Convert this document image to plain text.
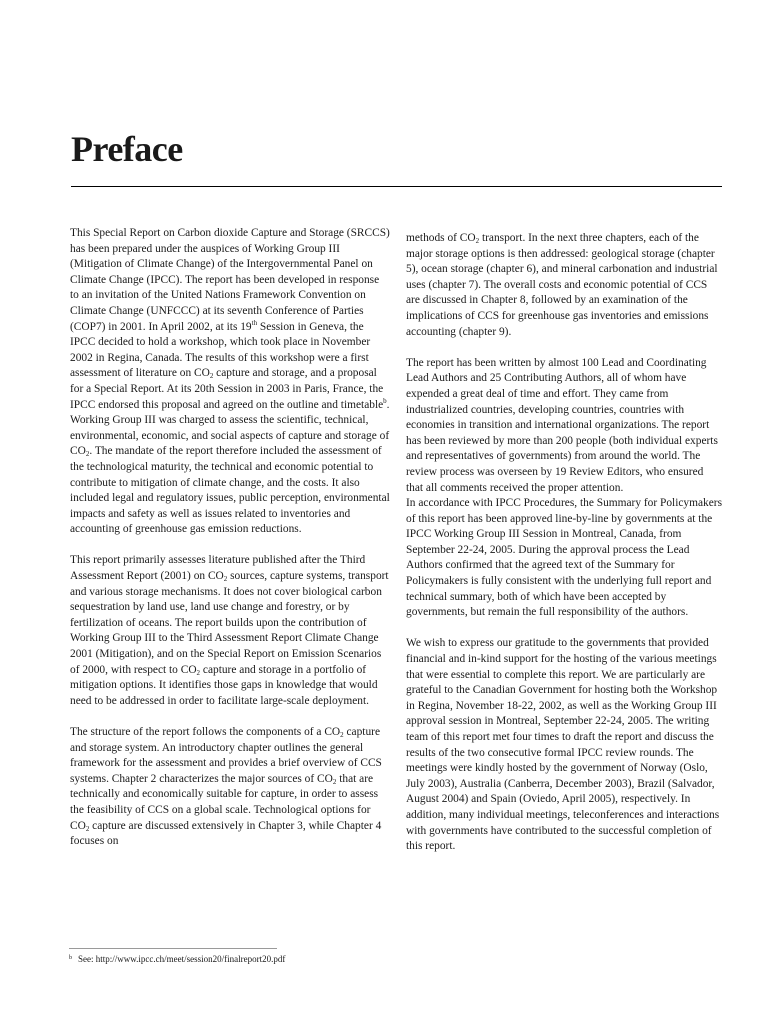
Preface

This Special Report on Carbon dioxide Capture and Storage (SRCCS) has been prepared under the auspices of Working Group III (Mitigation of Climate Change) of the Intergovernmental Panel on Climate Change (IPCC). The report has been developed in response to an invitation of the United Nations Framework Convention on Climate Change (UNFCCC) at its seventh Conference of Parties (COP7) in 2001. In April 2002, at its 19th Session in Geneva, the IPCC decided to hold a workshop, which took place in November 2002 in Regina, Canada. The results of this workshop were a first assessment of literature on $CO_2$ capture and storage, and a proposal for a Special Report. At its 20th Session in 2003 in Paris, France, the IPCC endorsed this proposal and agreed on the outline and timetable$^b$. Working Group III was charged to assess the scientific, technical, environmental, economic, and social aspects of capture and storage of $CO_2$. The mandate of the report therefore included the assessment of the technological maturity, the technical and economic potential to contribute to mitigation of climate change, and the costs. It also included legal and regulatory issues, public perception, environmental impacts and safety as well as issues related to inventories and accounting of greenhouse gas emission reductions.

This report primarily assesses literature published after the Third Assessment Report (2001) on $CO_2$ sources, capture systems, transport and various storage mechanisms. It does not cover biological carbon sequestration by land use, land use change and forestry, or by fertilization of oceans. The report builds upon the contribution of Working Group III to the Third Assessment Report Climate Change 2001 (Mitigation), and on the Special Report on Emission Scenarios of 2000, with respect to $CO_2$ capture and storage in a portfolio of mitigation options. It identifies those gaps in knowledge that would need to be addressed in order to facilitate large-scale deployment.

The structure of the report follows the components of a $CO_2$ capture and storage system. An introductory chapter outlines the general framework for the assessment and provides a brief overview of CCS systems. Chapter 2 characterizes the major sources of $CO_2$ that are technically and economically suitable for capture, in order to assess the feasibility of CCS on a global scale. Technological options for $CO_2$ capture are discussed extensively in Chapter 3, while Chapter 4 focuses on

methods of $CO_2$ transport. In the next three chapters, each of the major storage options is then addressed: geological storage (chapter 5), ocean storage (chapter 6), and mineral carbonation and industrial uses (chapter 7). The overall costs and economic potential of CCS are discussed in Chapter 8, followed by an examination of the implications of CCS for greenhouse gas inventories and emissions accounting (chapter 9).

The report has been written by almost 100 Lead and Coordinating Lead Authors and 25 Contributing Authors, all of whom have expended a great deal of time and effort. They came from industrialized countries, developing countries, countries with economies in transition and international organizations. The report has been reviewed by more than 200 people (both individual experts and representatives of governments) from around the world. The review process was overseen by 19 Review Editors, who ensured that all comments received the proper attention.

In accordance with IPCC Procedures, the Summary for Policymakers of this report has been approved line-by-line by governments at the IPCC Working Group III Session in Montreal, Canada, from September 22-24, 2005. During the approval process the Lead Authors confirmed that the agreed text of the Summary for Policymakers is fully consistent with the underlying full report and technical summary, both of which have been accepted by governments, but remain the full responsibility of the authors.

We wish to express our gratitude to the governments that provided financial and in-kind support for the hosting of the various meetings that were essential to complete this report. We are particularly are grateful to the Canadian Government for hosting both the Workshop in Regina, November 18-22, 2002, as well as the Working Group III approval session in Montreal, September 22-24, 2005. The writing team of this report met four times to draft the report and discuss the results of the two consecutive formal IPCC review rounds. The meetings were kindly hosted by the government of Norway (Oslo, July 2003), Australia (Canberra, December 2003), Brazil (Salvador, August 2004) and Spain (Oviedo, April 2005), respectively. In addition, many individual meetings, teleconferences and interactions with governments have contributed to the successful completion of this report.

$^b$ See: http://www.ipcc.ch/meet/session20/finalreport20.pdf
